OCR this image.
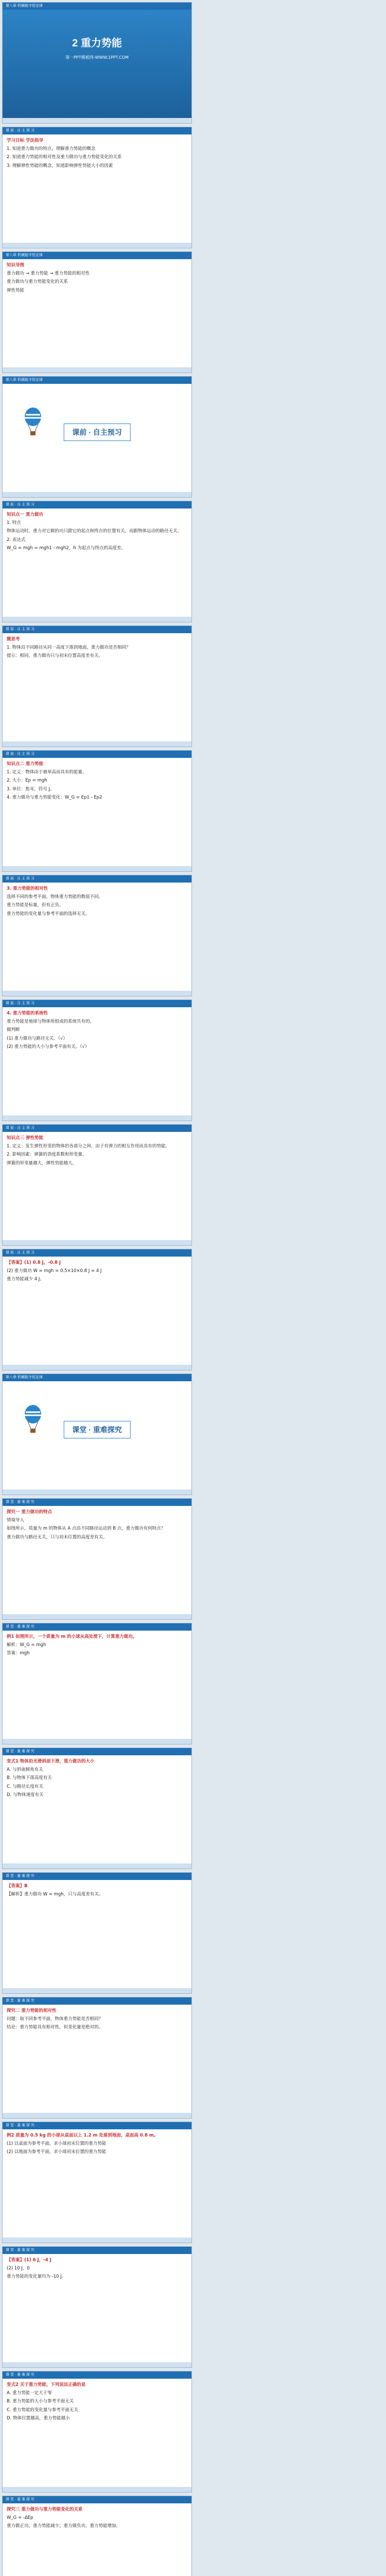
第八章 机械能守恒定律
2 重力势能
第一PPT模板网-WWW.1PPT.COM
课 前 · 自 主 预 习

学习目标 学法指导

1. 知道重力做功的特点，理解重力势能的概念

2. 知道重力势能的相对性及重力做功与重力势能变化的关系

3. 理解弹性势能的概念，知道影响弹性势能大小的因素

第八章 机械能守恒定律

知识导图

重力做功 → 重力势能 → 重力势能的相对性

重力做功与重力势能变化的关系

弹性势能

第八章 机械能守恒定律
课前 · 自主预习
课 前 · 自 主 预 习

知识点一 重力做功

1. 特点

物体运动时，重力对它做的功只跟它的起点和终点的位置有关，而跟物体运动的路径无关。

2. 表达式

W_G = mgh = mgh1 - mgh2，h 为起点与终点的高度差。

课 前 · 自 主 预 习

微思考

1. 物体沿不同路径从同一高度下落到地面，重力做功是否相同？

提示：相同，重力做功只与初末位置高度差有关。

课 前 · 自 主 预 习

知识点二 重力势能

1. 定义：物体由于被举高而具有的能量。

2. 大小：Ep = mgh

3. 单位：焦耳，符号 J。

4. 重力做功与重力势能变化：W_G = Ep1 - Ep2

课 前 · 自 主 预 习

3. 重力势能的相对性

选择不同的参考平面，物体重力势能的数值不同。

重力势能是标量，但有正负。

重力势能的变化量与参考平面的选择无关。

课 前 · 自 主 预 习

4. 重力势能的系统性

重力势能是地球与物体所组成的系统共有的。

微判断

(1) 重力做功与路径无关。（√）

(2) 重力势能的大小与参考平面有关。（√）

课 前 · 自 主 预 习

知识点三 弹性势能

1. 定义：发生弹性形变的物体的各部分之间，由于有弹力的相互作用而具有的势能。

2. 影响因素：弹簧的劲度系数和形变量。

弹簧的形变量越大，弹性势能越大。

课 前 · 自 主 预 习

【答案】(1) 0.8 J，-0.8 J

(2) 重力做功 W = mgh = 0.5×10×0.8 J = 4 J

重力势能减少 4 J。

第八章 机械能守恒定律
课堂 · 重难探究
课 堂 · 重 难 探 究

探究一 重力做功的特点

情境导入

如图所示，质量为 m 的物体从 A 点沿不同路径运动到 B 点，重力做功有何特点？

重力做功与路径无关，只与初末位置的高度差有关。

课 堂 · 重 难 探 究

例1 如图所示，一个质量为 m 的小球从高处滑下，计算重力做功。

解析：W_G = mgh

答案：mgh

课 堂 · 重 难 探 究

变式1 物体沿光滑斜面下滑，重力做功的大小

A. 与斜面倾角有关

B. 与物体下落高度有关

C. 与路径长度有关

D. 与物体速度有关

课 堂 · 重 难 探 究

【答案】B

【解析】重力做功 W = mgh，只与高度差有关。

课 堂 · 重 难 探 究

探究二 重力势能的相对性

问题：取不同参考平面，物体重力势能是否相同？

结论：重力势能具有相对性，但变化量是绝对的。

课 堂 · 重 难 探 究

例2 质量为 0.5 kg 的小球从桌面以上 1.2 m 处落到地面，桌面高 0.8 m。

(1) 以桌面为参考平面，求小球初末位置的重力势能

(2) 以地面为参考平面，求小球初末位置的重力势能

课 堂 · 重 难 探 究

【答案】(1) 6 J，-4 J

(2) 10 J，0

重力势能的变化量均为 -10 J。

课 堂 · 重 难 探 究

变式2 关于重力势能，下列说法正确的是

A. 重力势能一定大于零

B. 重力势能的大小与参考平面无关

C. 重力势能的变化量与参考平面无关

D. 物体位置越高，重力势能越小

课 堂 · 重 难 探 究

探究三 重力做功与重力势能变化的关系

W_G = -ΔEp

重力做正功，重力势能减少；重力做负功，重力势能增加。
